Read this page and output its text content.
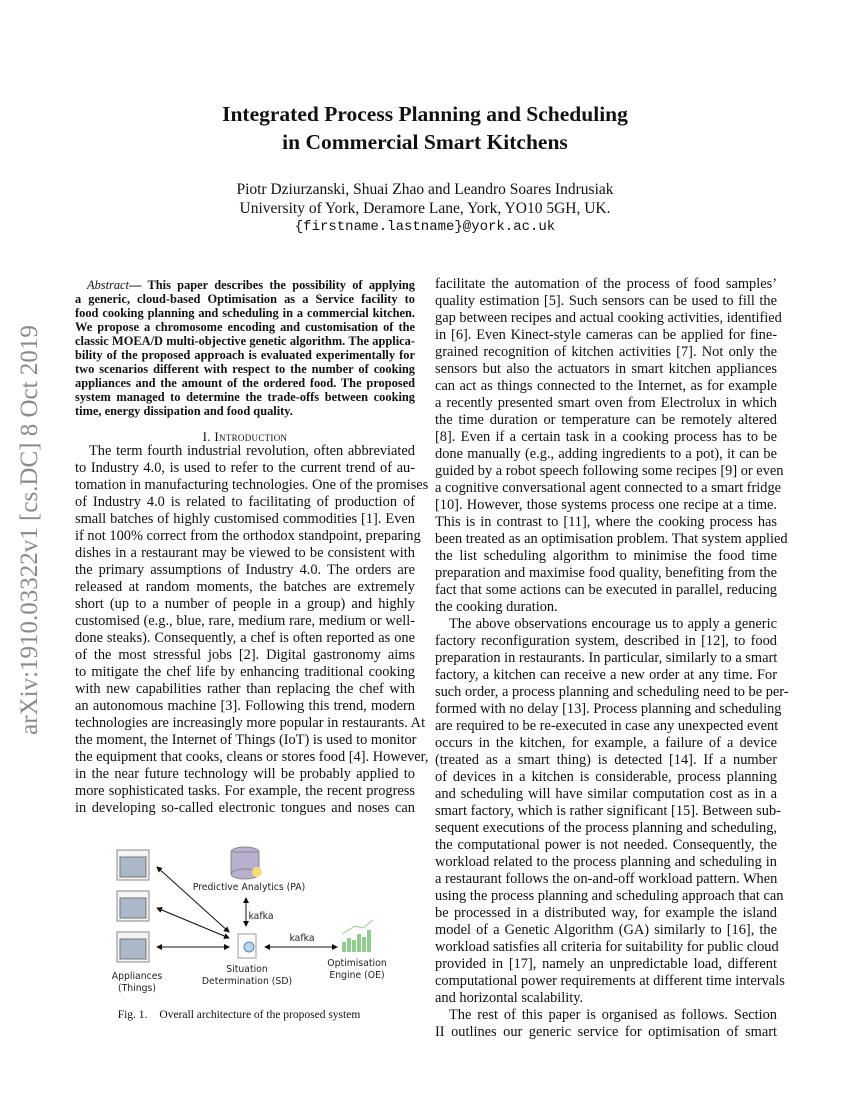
arXiv:1910.03322v1 [cs.DC] 8 Oct 2019
Integrated Process Planning and Scheduling
in Commercial Smart Kitchens
Piotr Dziurzanski, Shuai Zhao and Leandro Soares Indrusiak
University of York, Deramore Lane, York, YO10 5GH, UK.
{firstname.lastname}@york.ac.uk
Abstract— This paper describes the possibility of applying
a generic, cloud-based Optimisation as a Service facility to
food cooking planning and scheduling in a commercial kitchen.
We propose a chromosome encoding and customisation of the
classic MOEA/D multi-objective genetic algorithm. The applica-
bility of the proposed approach is evaluated experimentally for
two scenarios different with respect to the number of cooking
appliances and the amount of the ordered food. The proposed
system managed to determine the trade-offs between cooking
time, energy dissipation and food quality.
I. Introduction
The term fourth industrial revolution, often abbreviated
to Industry 4.0, is used to refer to the current trend of au-
tomation in manufacturing technologies. One of the promises
of Industry 4.0 is related to facilitating of production of
small batches of highly customised commodities [1]. Even
if not 100% correct from the orthodox standpoint, preparing
dishes in a restaurant may be viewed to be consistent with
the primary assumptions of Industry 4.0. The orders are
released at random moments, the batches are extremely
short (up to a number of people in a group) and highly
customised (e.g., blue, rare, medium rare, medium or well-
done steaks). Consequently, a chef is often reported as one
of the most stressful jobs [2]. Digital gastronomy aims
to mitigate the chef life by enhancing traditional cooking
with new capabilities rather than replacing the chef with
an autonomous machine [3]. Following this trend, modern
technologies are increasingly more popular in restaurants. At
the moment, the Internet of Things (IoT) is used to monitor
the equipment that cooks, cleans or stores food [4]. However,
in the near future technology will be probably applied to
more sophisticated tasks. For example, the recent progress
in developing so-called electronic tongues and noses can
facilitate the automation of the process of food samples’
quality estimation [5]. Such sensors can be used to fill the
gap between recipes and actual cooking activities, identified
in [6]. Even Kinect-style cameras can be applied for fine-
grained recognition of kitchen activities [7]. Not only the
sensors but also the actuators in smart kitchen appliances
can act as things connected to the Internet, as for example
a recently presented smart oven from Electrolux in which
the time duration or temperature can be remotely altered
[8]. Even if a certain task in a cooking process has to be
done manually (e.g., adding ingredients to a pot), it can be
guided by a robot speech following some recipes [9] or even
a cognitive conversational agent connected to a smart fridge
[10]. However, those systems process one recipe at a time.
This is in contrast to [11], where the cooking process has
been treated as an optimisation problem. That system applied
the list scheduling algorithm to minimise the food time
preparation and maximise food quality, benefiting from the
fact that some actions can be executed in parallel, reducing
the cooking duration.
The above observations encourage us to apply a generic
factory reconfiguration system, described in [12], to food
preparation in restaurants. In particular, similarly to a smart
factory, a kitchen can receive a new order at any time. For
such order, a process planning and scheduling need to be per-
formed with no delay [13]. Process planning and scheduling
are required to be re-executed in case any unexpected event
occurs in the kitchen, for example, a failure of a device
(treated as a smart thing) is detected [14]. If a number
of devices in a kitchen is considerable, process planning
and scheduling will have similar computation cost as in a
smart factory, which is rather significant [15]. Between sub-
sequent executions of the process planning and scheduling,
the computational power is not needed. Consequently, the
workload related to the process planning and scheduling in
a restaurant follows the on-and-off workload pattern. When
using the process planning and scheduling approach that can
be processed in a distributed way, for example the island
model of a Genetic Algorithm (GA) similarly to [16], the
workload satisfies all criteria for suitability for public cloud
provided in [17], namely an unpredictable load, different
computational power requirements at different time intervals
and horizontal scalability.
The rest of this paper is organised as follows. Section
II outlines our generic service for optimisation of smart
Predictive Analytics (PA)
Situation
Determination (SD)
Optimisation
Engine (OE)
Appliances
(Things)
kafka
kafka
Fig. 1. Overall architecture of the proposed system
